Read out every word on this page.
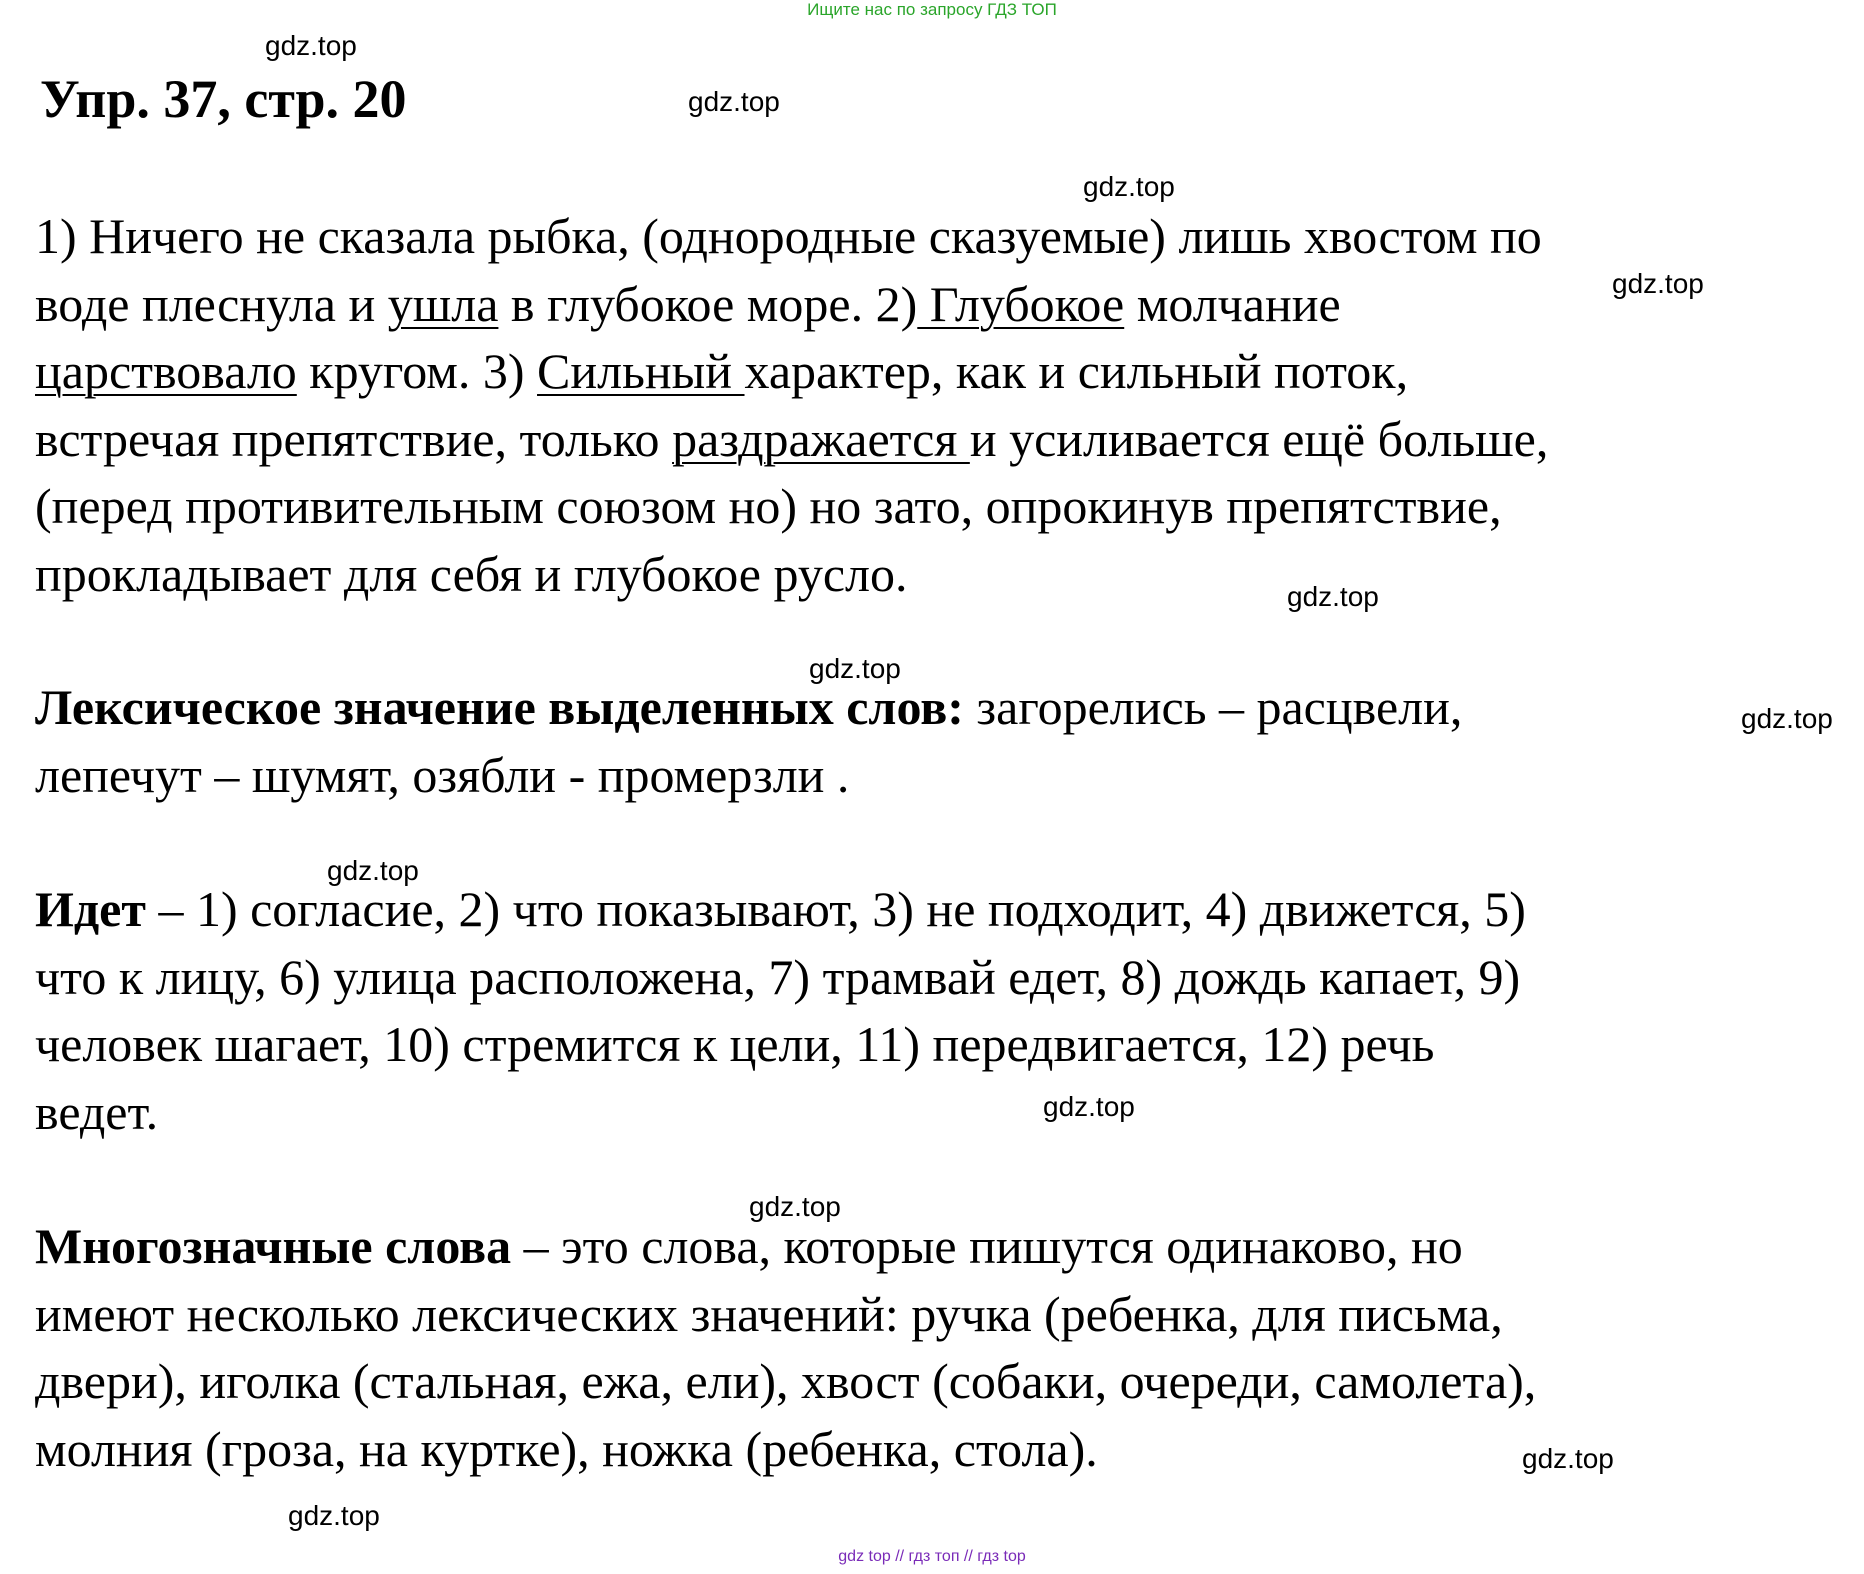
Ищите нас по запросу ГДЗ ТОП
gdz.top
gdz.top
gdz.top
gdz.top
gdz.top
gdz.top
gdz.top
gdz.top
gdz.top
gdz.top
gdz.top
gdz.top
Упр. 37, стр. 20

1) Ничего не сказала рыбка, (однородные сказуемые) лишь хвостом по
воде плеснула и ушла в глубокое море. 2) Глубокое молчание
царствовало кругом. 3) Сильный характер, как и сильный поток,
встречая препятствие, только раздражается и усиливается ещё больше,
(перед противительным союзом но) но зато, опрокинув препятствие,
прокладывает для себя и глубокое русло.

Лексическое значение выделенных слов: загорелись – расцвели,
лепечут – шумят, озябли - промерзли .

Идет – 1) согласие, 2) что показывают, 3) не подходит, 4) движется, 5)
что к лицу, 6) улица расположена, 7) трамвай едет, 8) дождь капает, 9)
человек шагает, 10) стремится к цели, 11) передвигается, 12) речь
ведет.

Многозначные слова – это слова, которые пишутся одинаково, но
имеют несколько лексических значений: ручка (ребенка, для письма,
двери), иголка (стальная, ежа, ели), хвост (собаки, очереди, самолета),
молния (гроза, на куртке), ножка (ребенка, стола).

gdz top // гдз топ // гдз top
